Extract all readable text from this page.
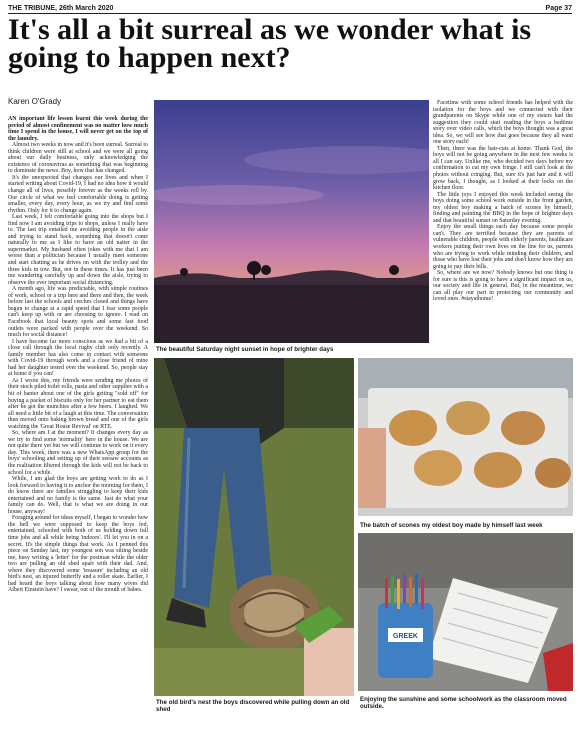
THE TRIBUNE, 26th March 2020	Page 37
It's all a bit surreal as we wonder what is going to happen next?
Karen O'Grady

AN important life lesson learnt this week during the period of almost confinement was no matter how much time I spend in the house, I will never get on the top of the laundry.

Almost two weeks in now and it's been surreal. Surreal to think children were still at school and we were all going about our daily business, only acknowledging the existence of coronavirus as something that was beginning to dominate the news. Boy, how that has changed.

It's the unexpected that changes our lives and when I started writing about Covid-19, I had no idea how it would change all of lives, possibly forever as the weeks roll by. Our circle of what we feel comfortable doing is getting smaller, every day, every hour, as we try and find some rhythm. Only for it to change again.

Last week, I felt comfortable going into the shops but I find now I am avoiding trips to shops, unless I really have to. The last trip entailed me avoiding people in the aisle and trying to stand back, something that doesn't come naturally to me as I like to have an old natter in the supermarket. My husband often jokes with me that I am worse than a politician because I usually meet someone and start chatting as he drives on with the trolley and the three kids in tow. But, not in these times. It has just been me wandering carefully up and down the aisle, trying to observe the ever important social distancing.

A month ago, life was predictable, with simple routines of work, school or a trip here and there and then, the week before last the schools and creches closed and things have begun to change at a rapid speed that I fear some people can't keep up with or are choosing to ignore. I read on Facebook that local beauty spots and some fast food outlets were packed with people over the weekend. So much for social distance!

I have become far more conscious as we had a bit of a close call through the local rugby club only recently. A family member has also come in contact with someone with Covid-19 through work and a close friend of mine had her daughter tested over the weekend. So, people stay at home if you can!

As I wrote this, my friends were sending me photos of their stock piled toilet rolls, pasta and other supplies with a bit of banter about one of the girls getting "sold off" for buying a packet of biscuits only for her partner to eat them after he got the munchies after a few beers. I laughed. We all need a little bit of a laugh at this time. The conversation then moved onto baking brown bread and one of the girls watching the 'Great House Revival' on RTE.

So, where am I at the moment? It changes every day as we try to find some 'normality' here in the house. We are not quite there yet but we will continue to work on it every day. This week, there was a new WhatsApp group for the boys' schooling and setting up of their seesaw accounts as the realisation filtered through the kids will not be back to school for a while.

While, I am glad the boys are getting work to do as I look forward to having it to anchor the morning for them, I do know there are families struggling to keep their kids entertained and no family is the same. Just do what your family can do. Well, that is what we are doing in our house, anyway!

Foraging around for ideas myself, I began to wonder how the hell we were supposed to keep the boys fed, entertained, schooled with both of us holding down full time jobs and all while being 'indoors'. I'll let you in on a secret. It's the simple things that work. As I penned this piece on Sunday last, my youngest son was sitting beside me, busy writing a 'letter' for the postman while the older two are pulling an old shed apart with their dad. And, where they discovered some 'treasure' including an old bird's nest, an injured butterfly and a roller skate. Earlier, I had heard the boys talking about how many wives did Albert Einstein have? I swear, out of the mouth of babes.

Facetime with some school friends has helped with the isolation for the boys and we connected with their grandparents on Skype while one of my sisters had the suggestion they could start reading the boys a bedtime story over video calls, which the boys thought was a great idea. So, we will see how that goes because they all want one story each!

Then, there was the hair-cuts at home. Thank God, the boys will not be going anywhere in the next few weeks is all I can say. Unlike me, who decided two days before my confirmation to cut my own fringe. I still can't look at the photos without cringing. But, sure it's just hair and it will grow back, I thought, as I looked at their locks on the kitchen floor.

The little joys I enjoyed this week included seeing the boys doing some school work outside in the front garden, my oldest boy making a batch of scones by himself, finding and painting the BBQ in the hope of brighter days and that beautiful sunset on Saturday evening.

Enjoy the small things each day because some people can't. They are terrified because they are parents of vulnerable children, people with elderly parents, healthcare workers putting their own lives on the line for us, parents who are trying to work while minding their children, and those who have lost their jobs and don't know how they are going to pay their bills.

So, where are we now? Nobody knows but one thing is for sure is this is going to have a significant impact on us, our society and life in general. But, in the meantime, we can all play our part in protecting our community and loved ones. #stayathome!

The beautiful Saturday night sunset in hope of brighter days
The old bird's nest the boys discovered while pulling down an old shed
The batch of scones my oldest boy made by himself last week
GREEK
Enjoying the sunshine and some schoolwork as the classroom moved outside.
